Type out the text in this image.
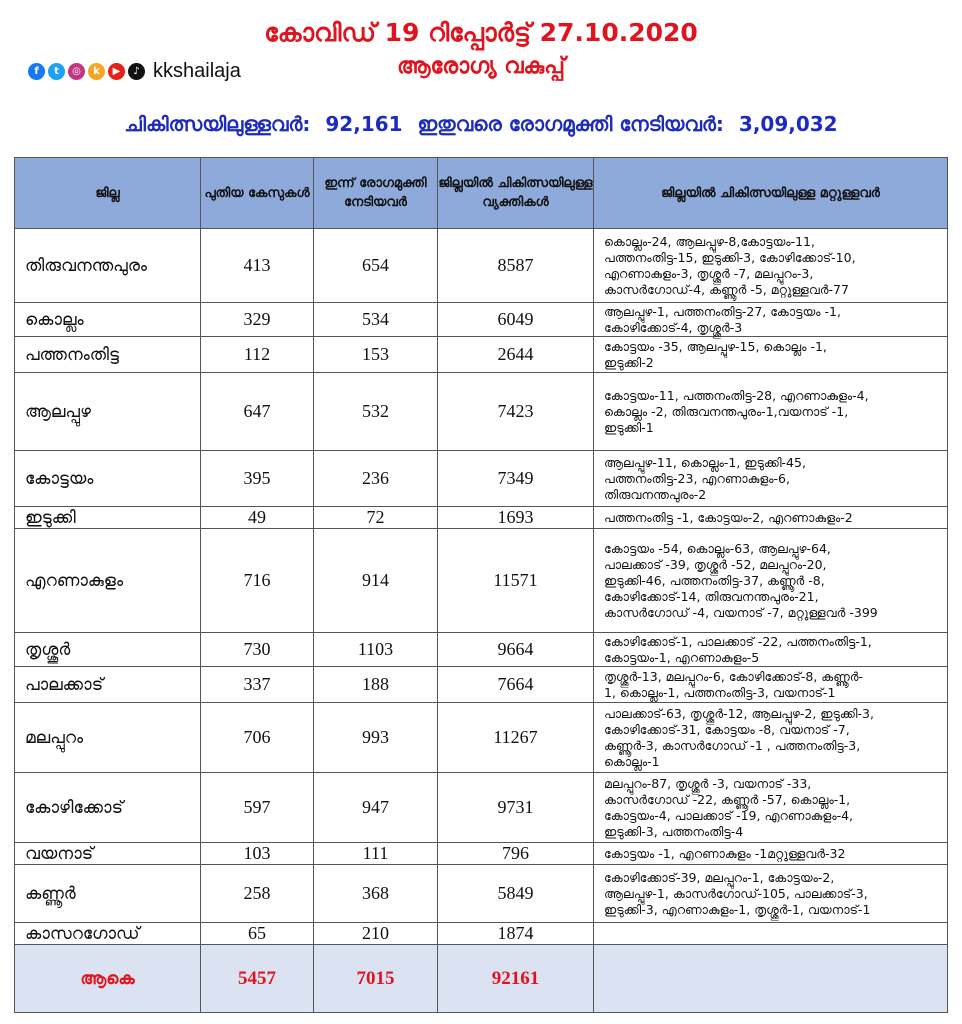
കോവിഡ് 19 റിപ്പോർട്ട് 27.10.2020
ആരോഗ്യ വകുപ്പ്
f	t	◎	k	▶	♪ kkshailaja
ചികിത്സയിലുള്ളവർ: 92,161 ഇതുവരെ രോഗമുക്തി നേടിയവർ: 3,09,032
ജില്ല	പുതിയ കേസുകൾ	ഇന്ന് രോഗമുക്തി നേടിയവർ	ജില്ലയിൽ ചികിത്സയിലുള്ള വ്യക്തികൾ	ജില്ലയിൽ ചികിത്സയിലുള്ള മറ്റുള്ളവർ
തിരുവനന്തപുരം	413	654	8587	കൊല്ലം-24, ആലപ്പുഴ-8,കോട്ടയം-11,
പത്തനംതിട്ട-15, ഇടുക്കി-3, കോഴിക്കോട്-10,
എറണാകുളം-3, തൃശ്ശൂർ -7, മലപ്പുറം-3,
കാസർഗോഡ്-4, കണ്ണൂർ -5, മറ്റുള്ളവർ-77

കൊല്ലം	329	534	6049	ആലപ്പുഴ-1, പത്തനംതിട്ട-27, കോട്ടയം -1,
കോഴിക്കോട്-4, തൃശ്ശൂർ-3

പത്തനംതിട്ട	112	153	2644	കോട്ടയം -35, ആലപ്പുഴ-15, കൊല്ലം -1,
ഇടുക്കി-2

ആലപ്പുഴ	647	532	7423	കോട്ടയം-11, പത്തനംതിട്ട-28, എറണാകുളം-4,
കൊല്ലം -2, തിരുവനന്തപുരം-1,വയനാട് -1,
ഇടുക്കി-1

കോട്ടയം	395	236	7349	ആലപ്പുഴ-11, കൊല്ലം-1, ഇടുക്കി-45,
പത്തനംതിട്ട-23, എറണാകുളം-6,
തിരുവനന്തപുരം-2

ഇടുക്കി	49	72	1693	പത്തനംതിട്ട -1, കോട്ടയം-2, എറണാകുളം-2

എറണാകുളം	716	914	11571	കോട്ടയം -54, കൊല്ലം-63, ആലപ്പുഴ-64,
പാലക്കാട് -39, തൃശ്ശൂർ -52, മലപ്പുറം-20,
ഇടുക്കി-46, പത്തനംതിട്ട-37, കണ്ണൂർ -8,
കോഴിക്കോട്-14, തിരുവനന്തപുരം-21,
കാസർഗോഡ് -4, വയനാട് -7, മറ്റുള്ളവർ -399

തൃശ്ശൂർ	730	1103	9664	കോഴിക്കോട്-1, പാലക്കാട് -22, പത്തനംതിട്ട-1,
കോട്ടയം-1, എറണാകുളം-5

പാലക്കാട്	337	188	7664	തൃശ്ശൂർ-13, മലപ്പുറം-6, കോഴിക്കോട്-8, കണ്ണൂർ-
1, കൊല്ലം-1, പത്തനംതിട്ട-3, വയനാട്-1

മലപ്പുറം	706	993	11267	പാലക്കാട്-63, തൃശ്ശൂർ-12, ആലപ്പുഴ-2, ഇടുക്കി-3,
കോഴിക്കോട്-31, കോട്ടയം -8, വയനാട് -7,
കണ്ണൂർ-3, കാസർഗോഡ് -1 , പത്തനംതിട്ട-3,
കൊല്ലം-1

കോഴിക്കോട്	597	947	9731	മലപ്പുറം-87, തൃശ്ശൂർ -3, വയനാട് -33,
കാസർഗോഡ് -22, കണ്ണൂർ -57, കൊല്ലം-1,
കോട്ടയം-4, പാലക്കാട് -19, എറണാകുളം-4,
ഇടുക്കി-3, പത്തനംതിട്ട-4

വയനാട്	103	111	796	കോട്ടയം -1, എറണാകുളം -1മറ്റുള്ളവർ-32

കണ്ണൂർ	258	368	5849	കോഴിക്കോട്-39, മലപ്പുറം-1, കോട്ടയം-2,
ആലപ്പുഴ-1, കാസർഗോഡ്-105, പാലക്കാട്-3,
ഇടുക്കി-3, എറണാകുളം-1, തൃശ്ശൂർ-1, വയനാട്-1

കാസറഗോഡ്	65	210	1874	
ആകെ	5457	7015	92161	
